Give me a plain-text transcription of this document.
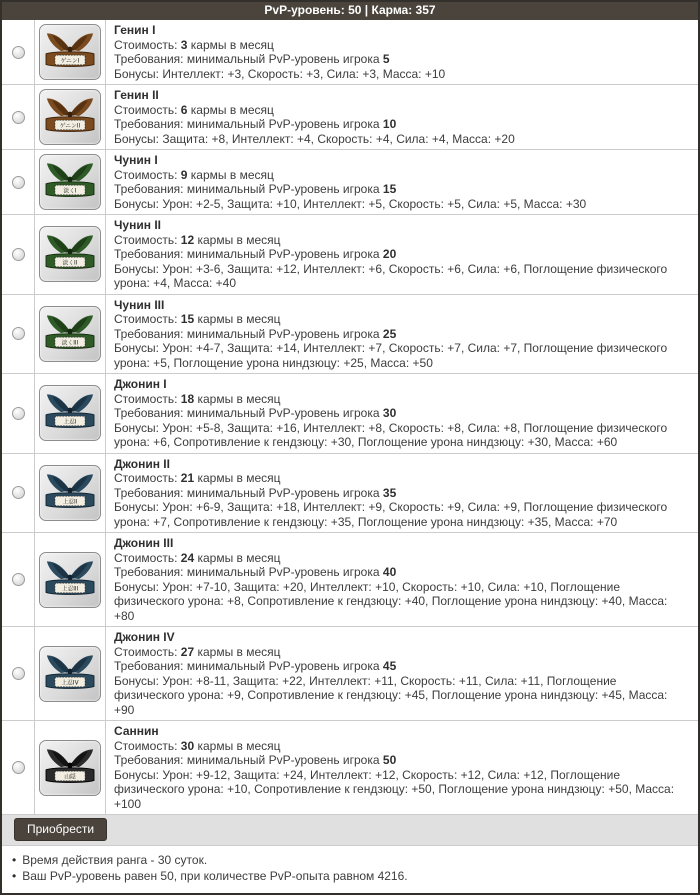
PvP-уровень: 50 | Карма: 357
ゲニンI
Генин I
Стоимость: 3 кармы в месяц
Требования: минимальный PvP-уровень игрока 5
Бонусы: Интеллект: +3, Скорость: +3, Сила: +3, Масса: +10
ゲニンII
Генин II
Стоимость: 6 кармы в месяц
Требования: минимальный PvP-уровень игрока 10
Бонусы: Защита: +8, Интеллект: +4, Скорость: +4, Сила: +4, Масса: +20
淡くI
Чунин I
Стоимость: 9 кармы в месяц
Требования: минимальный PvP-уровень игрока 15
Бонусы: Урон: +2-5, Защита: +10, Интеллект: +5, Скорость: +5, Сила: +5, Масса: +30
淡くII
Чунин II
Стоимость: 12 кармы в месяц
Требования: минимальный PvP-уровень игрока 20
Бонусы: Урон: +3-6, Защита: +12, Интеллект: +6, Скорость: +6, Сила: +6, Поглощение физического урона: +4, Масса: +40
淡くIII
Чунин III
Стоимость: 15 кармы в месяц
Требования: минимальный PvP-уровень игрока 25
Бонусы: Урон: +4-7, Защита: +14, Интеллект: +7, Скорость: +7, Сила: +7, Поглощение физического урона: +5, Поглощение урона ниндзюцу: +25, Масса: +50
上忍I
Джонин I
Стоимость: 18 кармы в месяц
Требования: минимальный PvP-уровень игрока 30
Бонусы: Урон: +5-8, Защита: +16, Интеллект: +8, Скорость: +8, Сила: +8, Поглощение физического урона: +6, Сопротивление к гендзюцу: +30, Поглощение урона ниндзюцу: +30, Масса: +60
上忍II
Джонин II
Стоимость: 21 кармы в месяц
Требования: минимальный PvP-уровень игрока 35
Бонусы: Урон: +6-9, Защита: +18, Интеллект: +9, Скорость: +9, Сила: +9, Поглощение физического урона: +7, Сопротивление к гендзюцу: +35, Поглощение урона ниндзюцу: +35, Масса: +70
上忍III
Джонин III
Стоимость: 24 кармы в месяц
Требования: минимальный PvP-уровень игрока 40
Бонусы: Урон: +7-10, Защита: +20, Интеллект: +10, Скорость: +10, Сила: +10, Поглощение физического урона: +8, Сопротивление к гендзюцу: +40, Поглощение урона ниндзюцу: +40, Масса: +80
上忍IV
Джонин IV
Стоимость: 27 кармы в месяц
Требования: минимальный PvP-уровень игрока 45
Бонусы: Урон: +8-11, Защита: +22, Интеллект: +11, Скорость: +11, Сила: +11, Поглощение физического урона: +9, Сопротивление к гендзюцу: +45, Поглощение урона ниндзюцу: +45, Масса: +90
山隠
Саннин
Стоимость: 30 кармы в месяц
Требования: минимальный PvP-уровень игрока 50
Бонусы: Урон: +9-12, Защита: +24, Интеллект: +12, Скорость: +12, Сила: +12, Поглощение физического урона: +10, Сопротивление к гендзюцу: +50, Поглощение урона ниндзюцу: +50, Масса: +100
Приобрести
• Время действия ранга - 30 суток.
• Ваш PvP-уровень равен 50, при количестве PvP-опыта равном 4216.
